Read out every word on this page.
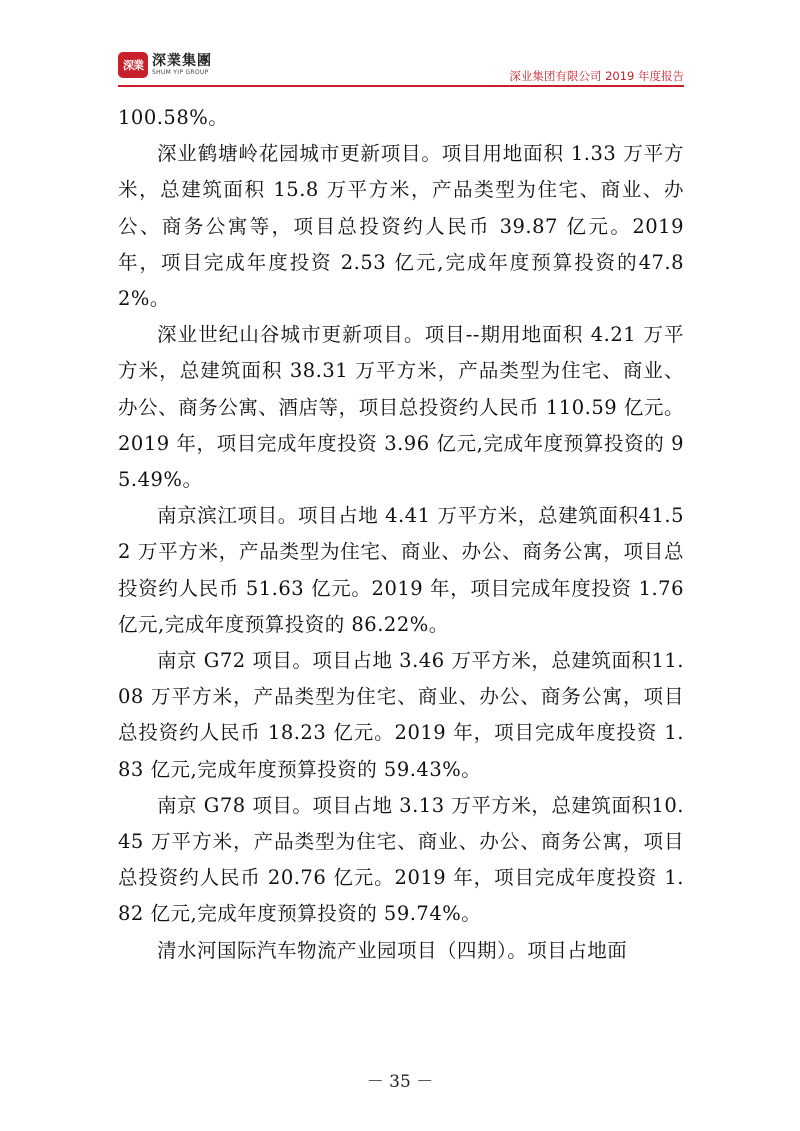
深業 深業集團
SHUM YIP GROUP	深业集团有限公司 2019 年度报告

100.58%。

深业鹤塘岭花园城市更新项目。项目用地面积 1.33 万平方米，总建筑面积 15.8 万平方米，产品类型为住宅、商业、办公、商务公寓等，项目总投资约人民币 39.87 亿元。2019 年，项目完成年度投资 2.53 亿元,完成年度预算投资的47.82%。

深业世纪山谷城市更新项目。项目--期用地面积 4.21 万平方米，总建筑面积 38.31 万平方米，产品类型为住宅、商业、办公、商务公寓、酒店等，项目总投资约人民币 110.59 亿元。2019 年，项目完成年度投资 3.96 亿元,完成年度预算投资的 95.49%。

南京滨江项目。项目占地 4.41 万平方米，总建筑面积41.52 万平方米，产品类型为住宅、商业、办公、商务公寓，项目总投资约人民币 51.63 亿元。2019 年，项目完成年度投资 1.76 亿元,完成年度预算投资的 86.22%。

南京 G72 项目。项目占地 3.46 万平方米，总建筑面积11.08 万平方米，产品类型为住宅、商业、办公、商务公寓，项目总投资约人民币 18.23 亿元。2019 年，项目完成年度投资 1.83 亿元,完成年度预算投资的 59.43%。

南京 G78 项目。项目占地 3.13 万平方米，总建筑面积10.45 万平方米，产品类型为住宅、商业、办公、商务公寓，项目总投资约人民币 20.76 亿元。2019 年，项目完成年度投资 1.82 亿元,完成年度预算投资的 59.74%。

清水河国际汽车物流产业园项目（四期）。项目占地面

－ 35 －
